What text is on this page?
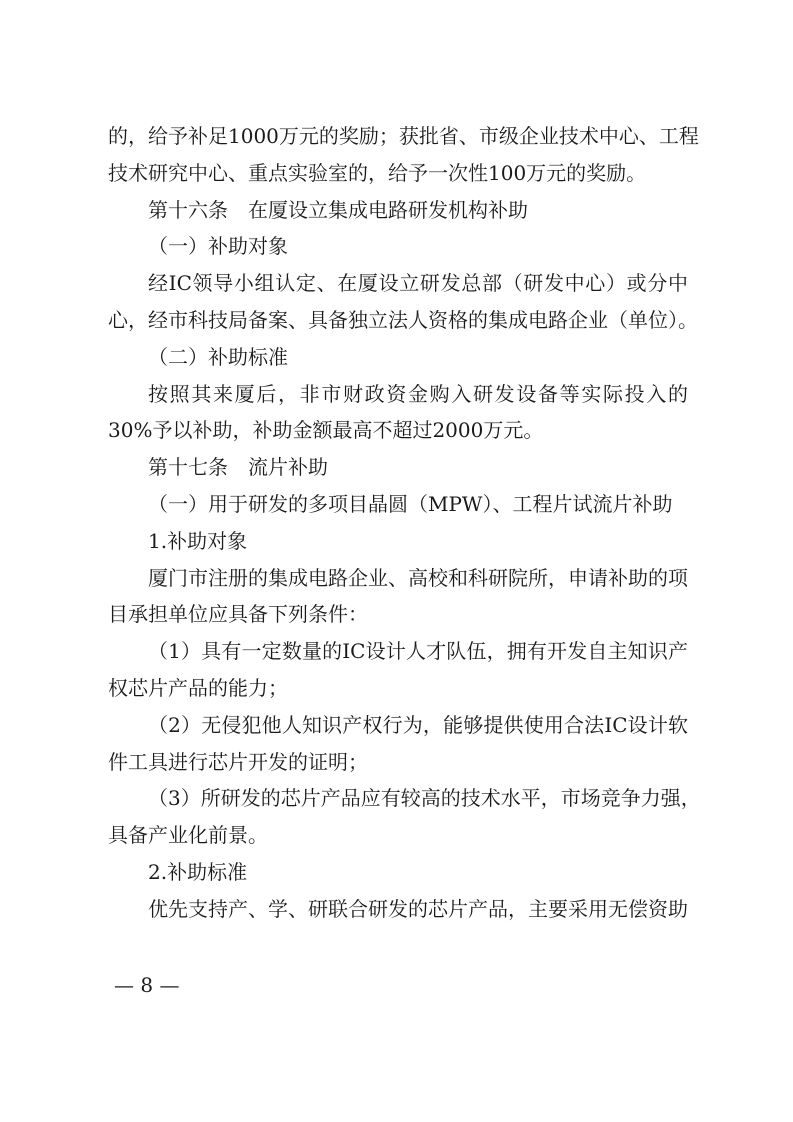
的，给予补足1000万元的奖励；获批省、市级企业技术中心、工程
技术研究中心、重点实验室的，给予一次性100万元的奖励。
第十六条　在厦设立集成电路研发机构补助
（一）补助对象
经IC领导小组认定、在厦设立研发总部（研发中心）或分中
心，经市科技局备案、具备独立法人资格的集成电路企业（单位）。
（二）补助标准
按照其来厦后，非市财政资金购入研发设备等实际投入的
30%予以补助，补助金额最高不超过2000万元。
第十七条　流片补助
（一）用于研发的多项目晶圆（MPW）、工程片试流片补助
1.补助对象
厦门市注册的集成电路企业、高校和科研院所，申请补助的项
目承担单位应具备下列条件：
（1）具有一定数量的IC设计人才队伍，拥有开发自主知识产
权芯片产品的能力；
（2）无侵犯他人知识产权行为，能够提供使用合法IC设计软
件工具进行芯片开发的证明；
（3）所研发的芯片产品应有较高的技术水平，市场竞争力强，
具备产业化前景。
2.补助标准
优先支持产、学、研联合研发的芯片产品，主要采用无偿资助
— 8 —
